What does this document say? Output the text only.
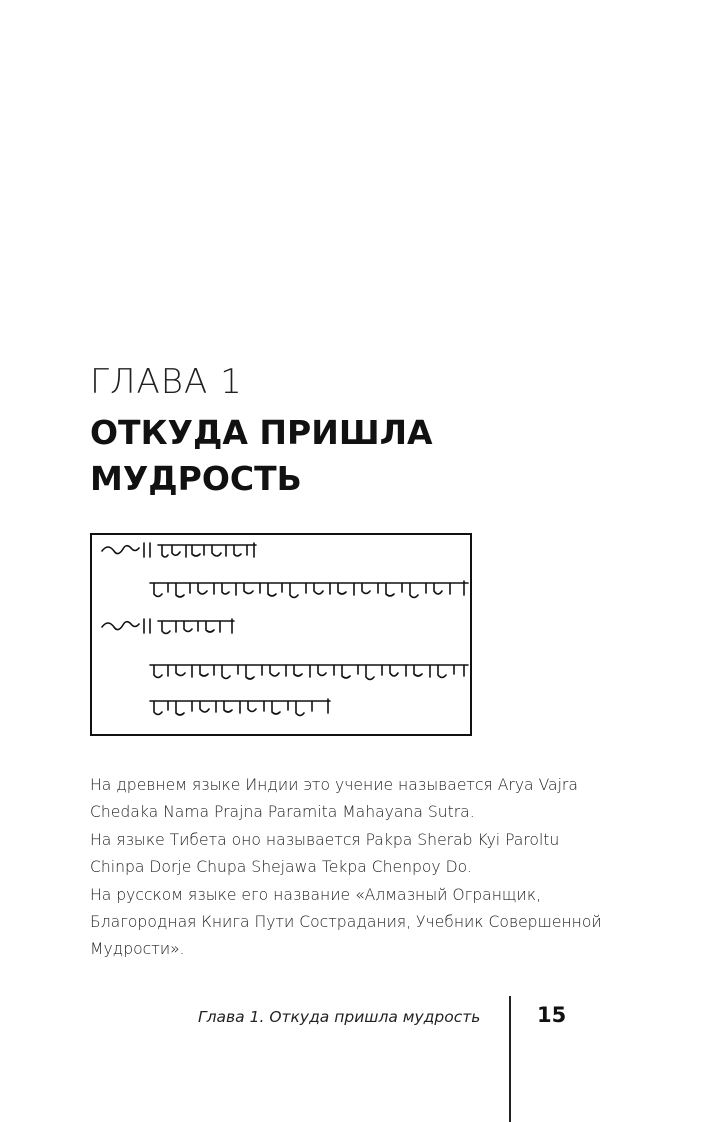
ГЛАВА 1
ОТКУДА ПРИШЛА МУДРОСТЬ

На древнем языке Индии это учение называется Arya Vajra Chedaka Nama Prajna Paramita Mahayana Sutra.

На языке Тибета оно называется Pakpa Sherab Kyi Paroltu Chinpa Dorje Chupa Shejawa Tekpa Chenpoy Do.

На русском языке его название «Алмазный Огранщик, Благородная Книга Пути Сострадания, Учебник Совершенной Мудрости».

Глава 1. Откуда пришла мудрость	15
